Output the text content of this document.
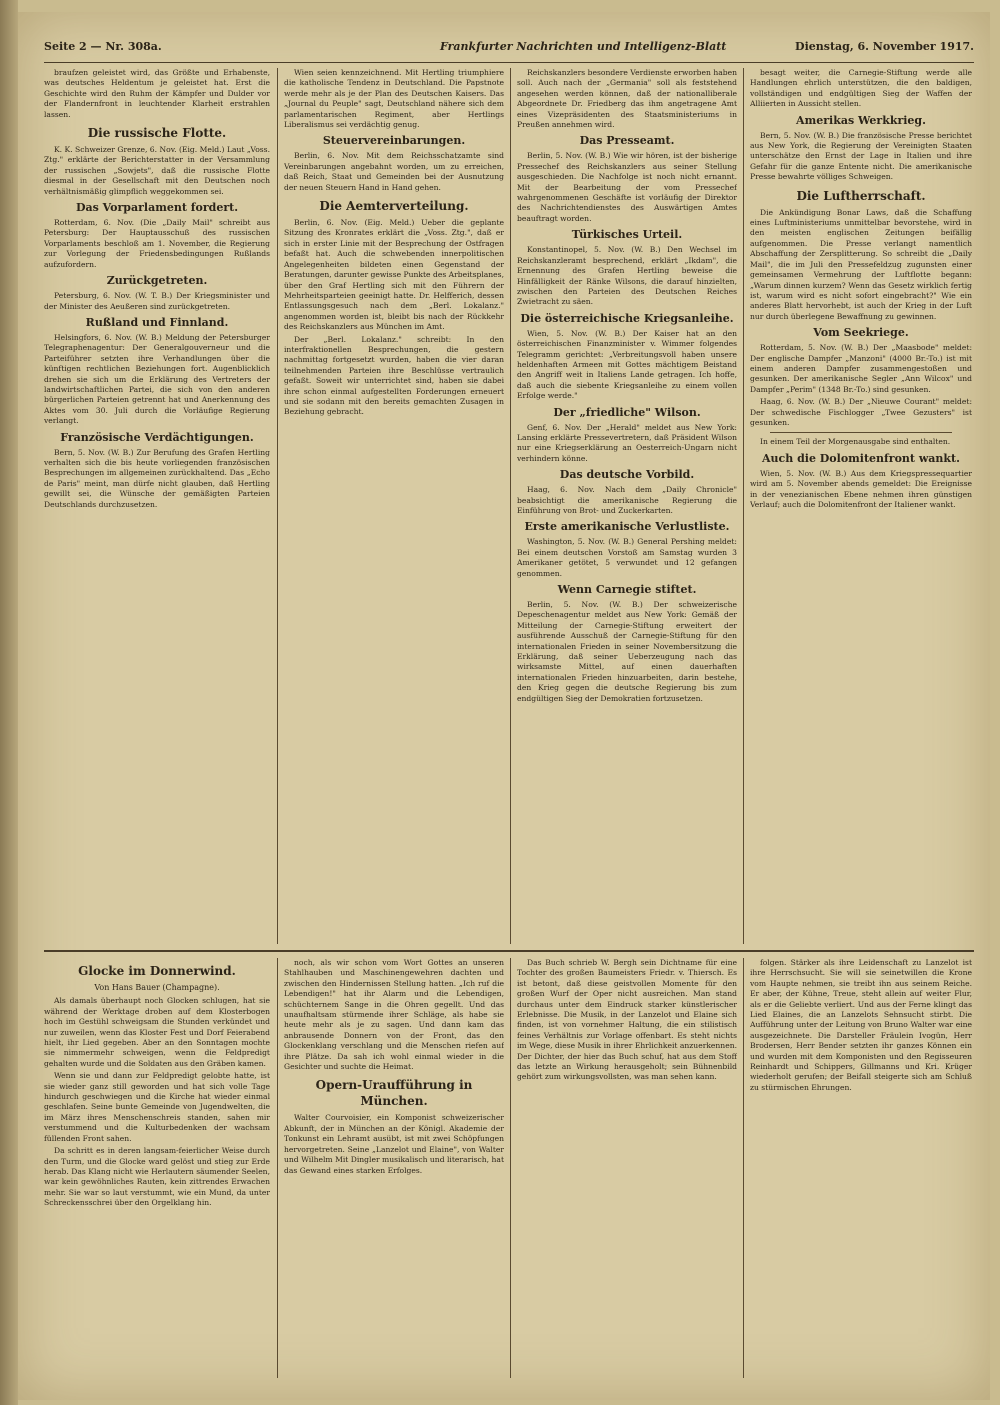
Seite 2 — Nr. 308a.	Frankfurter Nachrichten und Intelligenz-Blatt	Dienstag, 6. November 1917.

braufzen geleistet wird, das Größte und Erhabenste, was deutsches Heldentum je geleistet hat. Erst die Geschichte wird den Ruhm der Kämpfer und Dulder vor der Flandernfront in leuchtender Klarheit erstrahlen lassen.

Die russische Flotte.

K. K. Schweizer Grenze, 6. Nov. (Eig. Meld.) Laut „Voss. Ztg." erklärte der Berichterstatter in der Versammlung der russischen „Sowjets", daß die russische Flotte diesmal in der Gesellschaft mit den Deutschen noch verhältnismäßig glimpflich weggekommen sei.

Das Vorparlament fordert.

Rotterdam, 6. Nov. (Die „Daily Mail" schreibt aus Petersburg: Der Hauptausschuß des russischen Vorparlaments beschloß am 1. November, die Regierung zur Vorlegung der Friedensbedingungen Rußlands aufzufordern.

Zurückgetreten.

Petersburg, 6. Nov. (W. T. B.) Der Kriegsminister und der Minister des Aeußeren sind zurückgetreten.

Rußland und Finnland.

Helsingfors, 6. Nov. (W. B.) Meldung der Petersburger Telegraphenagentur: Der Generalgouverneur und die Parteiführer setzten ihre Verhandlungen über die künftigen rechtlichen Beziehungen fort. Augenblicklich drehen sie sich um die Erklärung des Vertreters der landwirtschaftlichen Partei, die sich von den anderen bürgerlichen Parteien getrennt hat und Anerkennung des Aktes vom 30. Juli durch die Vorläufige Regierung verlangt.

Französische Verdächtigungen.

Bern, 5. Nov. (W. B.) Zur Berufung des Grafen Hertling verhalten sich die bis heute vorliegenden französischen Besprechungen im allgemeinen zurückhaltend. Das „Echo de Paris" meint, man dürfe nicht glauben, daß Hertling gewillt sei, die Wünsche der gemäßigten Parteien Deutschlands durchzusetzen.

Wien seien kennzeichnend. Mit Hertling triumphiere die katholische Tendenz in Deutschland. Die Papstnote werde mehr als je der Plan des Deutschen Kaisers. Das „Journal du Peuple" sagt, Deutschland nähere sich dem parlamentarischen Regiment, aber Hertlings Liberalismus sei verdächtig genug.

Steuervereinbarungen.

Berlin, 6. Nov. Mit dem Reichsschatzamte sind Vereinbarungen angebahnt worden, um zu erreichen, daß Reich, Staat und Gemeinden bei der Ausnutzung der neuen Steuern Hand in Hand gehen.

Die Aemterverteilung.

Berlin, 6. Nov. (Eig. Meld.) Ueber die geplante Sitzung des Kronrates erklärt die „Voss. Ztg.", daß er sich in erster Linie mit der Besprechung der Ostfragen befaßt hat. Auch die schwebenden innerpolitischen Angelegenheiten bildeten einen Gegenstand der Beratungen, darunter gewisse Punkte des Arbeitsplanes, über den Graf Hertling sich mit den Führern der Mehrheitsparteien geeinigt hatte. Dr. Helfferich, dessen Entlassungsgesuch nach dem „Berl. Lokalanz." angenommen worden ist, bleibt bis nach der Rückkehr des Reichskanzlers aus München im Amt.

Der „Berl. Lokalanz." schreibt: In den interfraktionellen Besprechungen, die gestern nachmittag fortgesetzt wurden, haben die vier daran teilnehmenden Parteien ihre Beschlüsse vertraulich gefaßt. Soweit wir unterrichtet sind, haben sie dabei ihre schon einmal aufgestellten Forderungen erneuert und sie sodann mit den bereits gemachten Zusagen in Beziehung gebracht.

Reichskanzlers besondere Verdienste erworben haben soll. Auch nach der „Germania" soll als feststehend angesehen werden können, daß der nationalliberale Abgeordnete Dr. Friedberg das ihm angetragene Amt eines Vizepräsidenten des Staatsministeriums in Preußen annehmen wird.

Das Presseamt.

Berlin, 5. Nov. (W. B.) Wie wir hören, ist der bisherige Pressechef des Reichskanzlers aus seiner Stellung ausgeschieden. Die Nachfolge ist noch nicht ernannt. Mit der Bearbeitung der vom Pressechef wahrgenommenen Geschäfte ist vorläufig der Direktor des Nachrichtendienstes des Auswärtigen Amtes beauftragt worden.

Türkisches Urteil.

Konstantinopel, 5. Nov. (W. B.) Den Wechsel im Reichskanzleramt besprechend, erklärt „Ikdam", die Ernennung des Grafen Hertling beweise die Hinfälligkeit der Ränke Wilsons, die darauf hinzielten, zwischen den Parteien des Deutschen Reiches Zwietracht zu säen.

Die österreichische Kriegsanleihe.

Wien, 5. Nov. (W. B.) Der Kaiser hat an den österreichischen Finanzminister v. Wimmer folgendes Telegramm gerichtet: „Verbreitungsvoll haben unsere heldenhaften Armeen mit Gottes mächtigem Beistand den Angriff weit in Italiens Lande getragen. Ich hoffe, daß auch die siebente Kriegsanleihe zu einem vollen Erfolge werde."

Der „friedliche" Wilson.

Genf, 6. Nov. Der „Herald" meldet aus New York: Lansing erklärte Pressevertretern, daß Präsident Wilson nur eine Kriegserklärung an Oesterreich-Ungarn nicht verhindern könne.

Das deutsche Vorbild.

Haag, 6. Nov. Nach dem „Daily Chronicle" beabsichtigt die amerikanische Regierung die Einführung von Brot- und Zuckerkarten.

Erste amerikanische Verlustliste.

Washington, 5. Nov. (W. B.) General Pershing meldet: Bei einem deutschen Vorstoß am Samstag wurden 3 Amerikaner getötet, 5 verwundet und 12 gefangen genommen.

Wenn Carnegie stiftet.

Berlin, 5. Nov. (W. B.) Der schweizerische Depeschenagentur meldet aus New York: Gemäß der Mitteilung der Carnegie-Stiftung erweitert der ausführende Ausschuß der Carnegie-Stiftung für den internationalen Frieden in seiner Novembersitzung die Erklärung, daß seiner Ueberzeugung nach das wirksamste Mittel, auf einen dauerhaften internationalen Frieden hinzuarbeiten, darin bestehe, den Krieg gegen die deutsche Regierung bis zum endgültigen Sieg der Demokratien fortzusetzen.

besagt weiter, die Carnegie-Stiftung werde alle Handlungen ehrlich unterstützen, die den baldigen, vollständigen und endgültigen Sieg der Waffen der Alliierten in Aussicht stellen.

Amerikas Werkkrieg.

Bern, 5. Nov. (W. B.) Die französische Presse berichtet aus New York, die Regierung der Vereinigten Staaten unterschätze den Ernst der Lage in Italien und ihre Gefahr für die ganze Entente nicht. Die amerikanische Presse bewahrte völliges Schweigen.

Die Luftherrschaft.

Die Ankündigung Bonar Laws, daß die Schaffung eines Luftministeriums unmittelbar bevorstehe, wird in den meisten englischen Zeitungen beifällig aufgenommen. Die Presse verlangt namentlich Abschaffung der Zersplitterung. So schreibt die „Daily Mail", die im Juli den Pressefeldzug zugunsten einer gemeinsamen Vermehrung der Luftflotte begann: „Warum dinnen kurzem? Wenn das Gesetz wirklich fertig ist, warum wird es nicht sofort eingebracht?" Wie ein anderes Blatt hervorhebt, ist auch der Krieg in der Luft nur durch überlegene Bewaffnung zu gewinnen.

Vom Seekriege.

Rotterdam, 5. Nov. (W. B.) Der „Maasbode" meldet: Der englische Dampfer „Manzoni" (4000 Br.-To.) ist mit einem anderen Dampfer zusammengestoßen und gesunken. Der amerikanische Segler „Ann Wilcox" und Dampfer „Perim" (1348 Br.-To.) sind gesunken.

Haag, 6. Nov. (W. B.) Der „Nieuwe Courant" meldet: Der schwedische Fischlogger „Twee Gezusters" ist gesunken.

In einem Teil der Morgenausgabe sind enthalten.

Auch die Dolomitenfront wankt.

Wien, 5. Nov. (W. B.) Aus dem Kriegspressequartier wird am 5. November abends gemeldet: Die Ereignisse in der venezianischen Ebene nehmen ihren günstigen Verlauf; auch die Dolomitenfront der Italiener wankt.

Glocke im Donnerwind.
Von Hans Bauer (Champagne).

Als damals überhaupt noch Glocken schlugen, hat sie während der Werktage droben auf dem Klosterbogen hoch im Gestühl schweigsam die Stunden verkündet und nur zuweilen, wenn das Kloster Fest und Dorf Feierabend hielt, ihr Lied gegeben. Aber an den Sonntagen mochte sie nimmermehr schweigen, wenn die Feldpredigt gehalten wurde und die Soldaten aus den Gräben kamen.

Wenn sie und dann zur Feldpredigt gelobte hatte, ist sie wieder ganz still geworden und hat sich volle Tage hindurch geschwiegen und die Kirche hat wieder einmal geschlafen. Seine bunte Gemeinde von Jugendwelten, die im März ihres Menschenschreis standen, sahen mir verstummend und die Kulturbedenken der wachsam füllenden Front sahen.

Da schritt es in deren langsam-feierlicher Weise durch den Turm, und die Glocke ward gelöst und stieg zur Erde herab. Das Klang nicht wie Herlautern säumender Seelen, war kein gewöhnliches Rauten, kein zittrendes Erwachen mehr. Sie war so laut verstummt, wie ein Mund, da unter Schreckensschrei über den Orgelklang hin.

noch, als wir schon vom Wort Gottes an unseren Stahlhauben und Maschinengewehren dachten und zwischen den Hindernissen Stellung hatten. „Ich ruf die Lebendigen!" hat ihr Alarm und die Lebendigen, schüchternem Sange in die Ohren gegellt. Und das unaufhaltsam stürmende ihrer Schläge, als habe sie heute mehr als je zu sagen. Und dann kam das anbrausende Donnern von der Front, das den Glockenklang verschlang und die Menschen riefen auf ihre Plätze. Da sah ich wohl einmal wieder in die Gesichter und suchte die Heimat.

Opern-Uraufführung in München.

Walter Courvoisier, ein Komponist schweizerischer Abkunft, der in München an der Königl. Akademie der Tonkunst ein Lehramt ausübt, ist mit zwei Schöpfungen hervorgetreten. Seine „Lanzelot und Elaine", von Walter und Wilhelm Mit Dingler musikalisch und literarisch, hat das Gewand eines starken Erfolges.

Das Buch schrieb W. Bergh sein Dichtname für eine Tochter des großen Baumeisters Friedr. v. Thiersch. Es ist betont, daß diese geistvollen Momente für den großen Wurf der Oper nicht ausreichen. Man stand durchaus unter dem Eindruck starker künstlerischer Erlebnisse. Die Musik, in der Lanzelot und Elaine sich finden, ist von vornehmer Haltung, die ein stilistisch feines Verhältnis zur Vorlage offenbart. Es steht nichts im Wege, diese Musik in ihrer Ehrlichkeit anzuerkennen. Der Dichter, der hier das Buch schuf, hat aus dem Stoff das letzte an Wirkung herausgeholt; sein Bühnenbild gehört zum wirkungsvollsten, was man sehen kann.

folgen. Stärker als ihre Leidenschaft zu Lanzelot ist ihre Herrschsucht. Sie will sie seinetwillen die Krone vom Haupte nehmen, sie treibt ihn aus seinem Reiche. Er aber, der Kühne, Treue, steht allein auf weiter Flur, als er die Geliebte verliert. Und aus der Ferne klingt das Lied Elaines, die an Lanzelots Sehnsucht stirbt. Die Aufführung unter der Leitung von Bruno Walter war eine ausgezeichnete. Die Darsteller Fräulein Ivogün, Herr Brodersen, Herr Bender setzten ihr ganzes Können ein und wurden mit dem Komponisten und den Regisseuren Reinhardt und Schippers, Gillmanns und Kri. Krüger wiederholt gerufen; der Beifall steigerte sich am Schluß zu stürmischen Ehrungen.
